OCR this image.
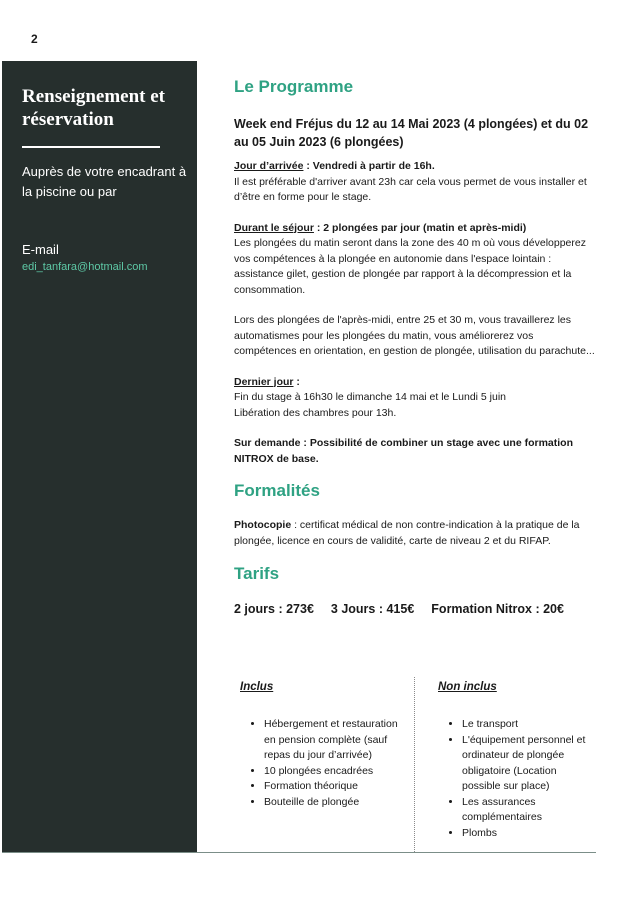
2
Renseignement et réservation
Auprès de votre encadrant à la piscine ou par
E-mail
edi_tanfara@hotmail.com
Le Programme

Week end Fréjus du 12 au 14 Mai 2023 (4 plongées) et du 02 au 05 Juin 2023 (6 plongées)

Jour d’arrivée : Vendredi à partir de 16h.

Il est préférable d'arriver avant 23h car cela vous permet de vous installer et d’être en forme pour le stage.

Durant le séjour : 2 plongées par jour (matin et après-midi)

Les plongées du matin seront dans la zone des 40 m où vous développerez vos compétences à la plongée en autonomie dans l'espace lointain : assistance gilet, gestion de plongée par rapport à la décompression et la consommation.

Lors des plongées de l'après-midi, entre 25 et 30 m, vous travaillerez les automatismes pour les plongées du matin, vous améliorerez vos compétences en orientation, en gestion de plongée, utilisation du parachute...

Dernier jour :

Fin du stage à 16h30 le dimanche 14 mai et le Lundi 5 juin

Libération des chambres pour 13h.

Sur demande : Possibilité de combiner un stage avec une formation NITROX de base.

Formalités

Photocopie : certificat médical de non contre-indication à la pratique de la plongée, licence en cours de validité, carte de niveau 2 et du RIFAP.

Tarifs
2 jours : 273€ 3 Jours : 415€ Formation Nitrox : 20€

Inclus

• Hébergement et restauration en pension complète (sauf repas du jour d’arrivée)
• 10 plongées encadrées
• Formation théorique
• Bouteille de plongée

Non inclus

• Le transport
• L'équipement personnel et ordinateur de plongée obligatoire (Location possible sur place)
• Les assurances complémentaires
• Plombs
